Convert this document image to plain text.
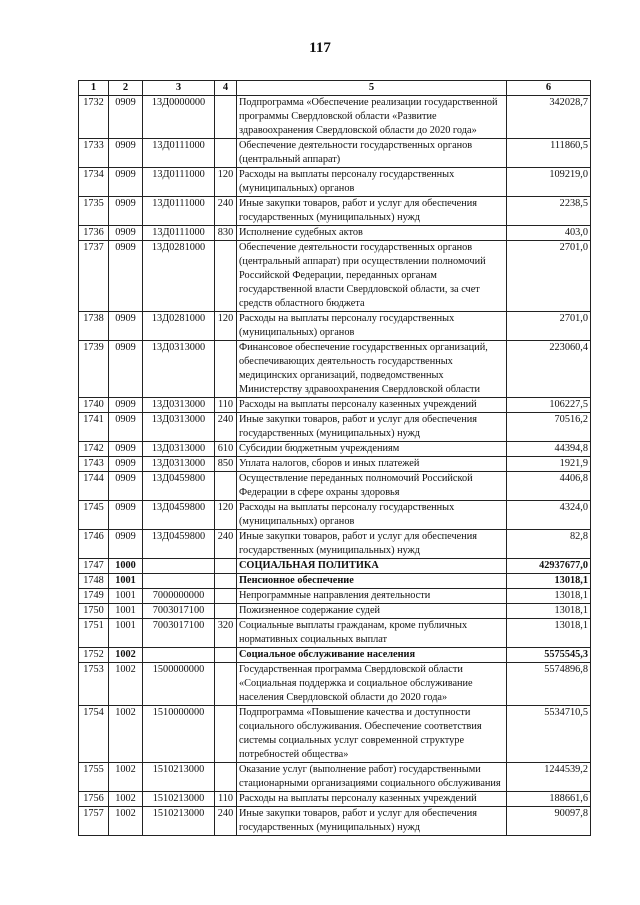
117
1	2	3	4	5	6
1732	0909	13Д0000000		Подпрограмма «Обеспечение реализации государственной программы Свердловской области «Развитие здравоохранения Свердловской области до 2020 года»	342028,7
1733	0909	13Д0111000		Обеспечение деятельности государственных органов (центральный аппарат)	111860,5
1734	0909	13Д0111000	120	Расходы на выплаты персоналу государственных (муниципальных) органов	109219,0
1735	0909	13Д0111000	240	Иные закупки товаров, работ и услуг для обеспечения государственных (муниципальных) нужд	2238,5
1736	0909	13Д0111000	830	Исполнение судебных актов	403,0
1737	0909	13Д0281000		Обеспечение деятельности государственных органов (центральный аппарат) при осуществлении полномочий Российской Федерации, переданных органам государственной власти Свердловской области, за счет средств областного бюджета	2701,0
1738	0909	13Д0281000	120	Расходы на выплаты персоналу государственных (муниципальных) органов	2701,0
1739	0909	13Д0313000		Финансовое обеспечение государственных организаций, обеспечивающих деятельность государственных медицинских организаций, подведомственных Министерству здравоохранения Свердловской области	223060,4
1740	0909	13Д0313000	110	Расходы на выплаты персоналу казенных учреждений	106227,5
1741	0909	13Д0313000	240	Иные закупки товаров, работ и услуг для обеспечения государственных (муниципальных) нужд	70516,2
1742	0909	13Д0313000	610	Субсидии бюджетным учреждениям	44394,8
1743	0909	13Д0313000	850	Уплата налогов, сборов и иных платежей	1921,9
1744	0909	13Д0459800		Осуществление переданных полномочий Российской Федерации в сфере охраны здоровья	4406,8
1745	0909	13Д0459800	120	Расходы на выплаты персоналу государственных (муниципальных) органов	4324,0
1746	0909	13Д0459800	240	Иные закупки товаров, работ и услуг для обеспечения государственных (муниципальных) нужд	82,8
1747	1000			СОЦИАЛЬНАЯ ПОЛИТИКА	42937677,0
1748	1001			Пенсионное обеспечение	13018,1
1749	1001	7000000000		Непрограммные направления деятельности	13018,1
1750	1001	7003017100		Пожизненное содержание судей	13018,1
1751	1001	7003017100	320	Социальные выплаты гражданам, кроме публичных нормативных социальных выплат	13018,1
1752	1002			Социальное обслуживание населения	5575545,3
1753	1002	1500000000		Государственная программа Свердловской области «Социальная поддержка и социальное обслуживание населения Свердловской области до 2020 года»	5574896,8
1754	1002	1510000000		Подпрограмма «Повышение качества и доступности социального обслуживания. Обеспечение соответствия системы социальных услуг современной структуре потребностей общества»	5534710,5
1755	1002	1510213000		Оказание услуг (выполнение работ) государственными стационарными организациями социального обслуживания	1244539,2
1756	1002	1510213000	110	Расходы на выплаты персоналу казенных учреждений	188661,6
1757	1002	1510213000	240	Иные закупки товаров, работ и услуг для обеспечения государственных (муниципальных) нужд	90097,8
